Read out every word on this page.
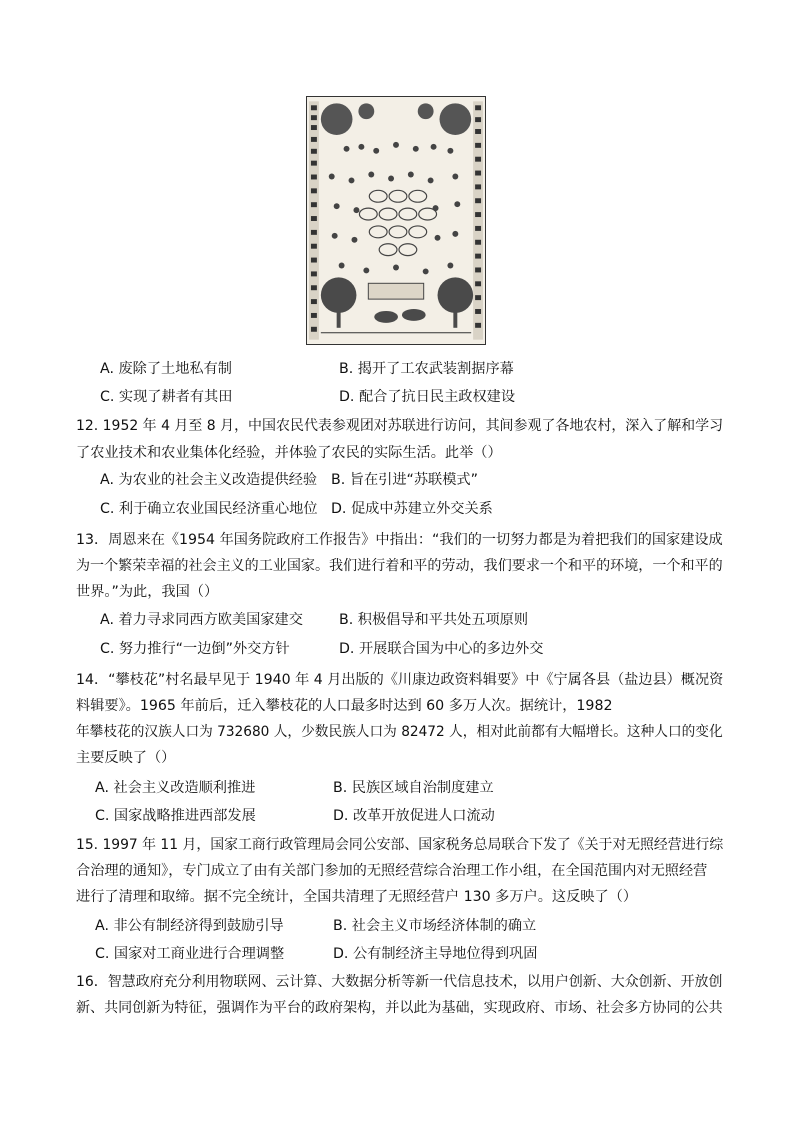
A. 废除了土地私有制	B. 揭开了工农武装割据序幕
C. 实现了耕者有其田	D. 配合了抗日民主政权建设
12. 1952 年 4 月至 8 月，中国农民代表参观团对苏联进行访问，其间参观了各地农村，深入了解和学习
了农业技术和农业集体化经验，并体验了农民的实际生活。此举（）
A. 为农业的社会主义改造提供经验 B. 旨在引进“苏联模式”
C. 利于确立农业国民经济重心地位 D. 促成中苏建立外交关系
13．周恩来在《1954 年国务院政府工作报告》中指出：“我们的一切努力都是为着把我们的国家建设成
为一个繁荣幸福的社会主义的工业国家。我们进行着和平的劳动，我们要求一个和平的环境，一个和平的
世界。”为此，我国（）
A. 着力寻求同西方欧美国家建交	B. 积极倡导和平共处五项原则
C. 努力推行“一边倒”外交方针	D. 开展联合国为中心的多边外交
14．“攀枝花”村名最早见于 1940 年 4 月出版的《川康边政资料辑要》中《宁属各县（盐边县）概况资
料辑要》。1965 年前后，迁入攀枝花的人口最多时达到 60 多万人次。据统计，1982
年攀枝花的汉族人口为 732680 人，少数民族人口为 82472 人，相对此前都有大幅增长。这种人口的变化
主要反映了（）
A. 社会主义改造顺利推进	B. 民族区域自治制度建立
C. 国家战略推进西部发展	D. 改革开放促进人口流动
15. 1997 年 11 月，国家工商行政管理局会同公安部、国家税务总局联合下发了《关于对无照经营进行综
合治理的通知》，专门成立了由有关部门参加的无照经营综合治理工作小组，在全国范围内对无照经营
进行了清理和取缔。据不完全统计，全国共清理了无照经营户 130 多万户。这反映了（）
A. 非公有制经济得到鼓励引导	B. 社会主义市场经济体制的确立
C. 国家对工商业进行合理调整	D. 公有制经济主导地位得到巩固
16．智慧政府充分利用物联网、云计算、大数据分析等新一代信息技术，以用户创新、大众创新、开放创
新、共同创新为特征，强调作为平台的政府架构，并以此为基础，实现政府、市场、社会多方协同的公共
